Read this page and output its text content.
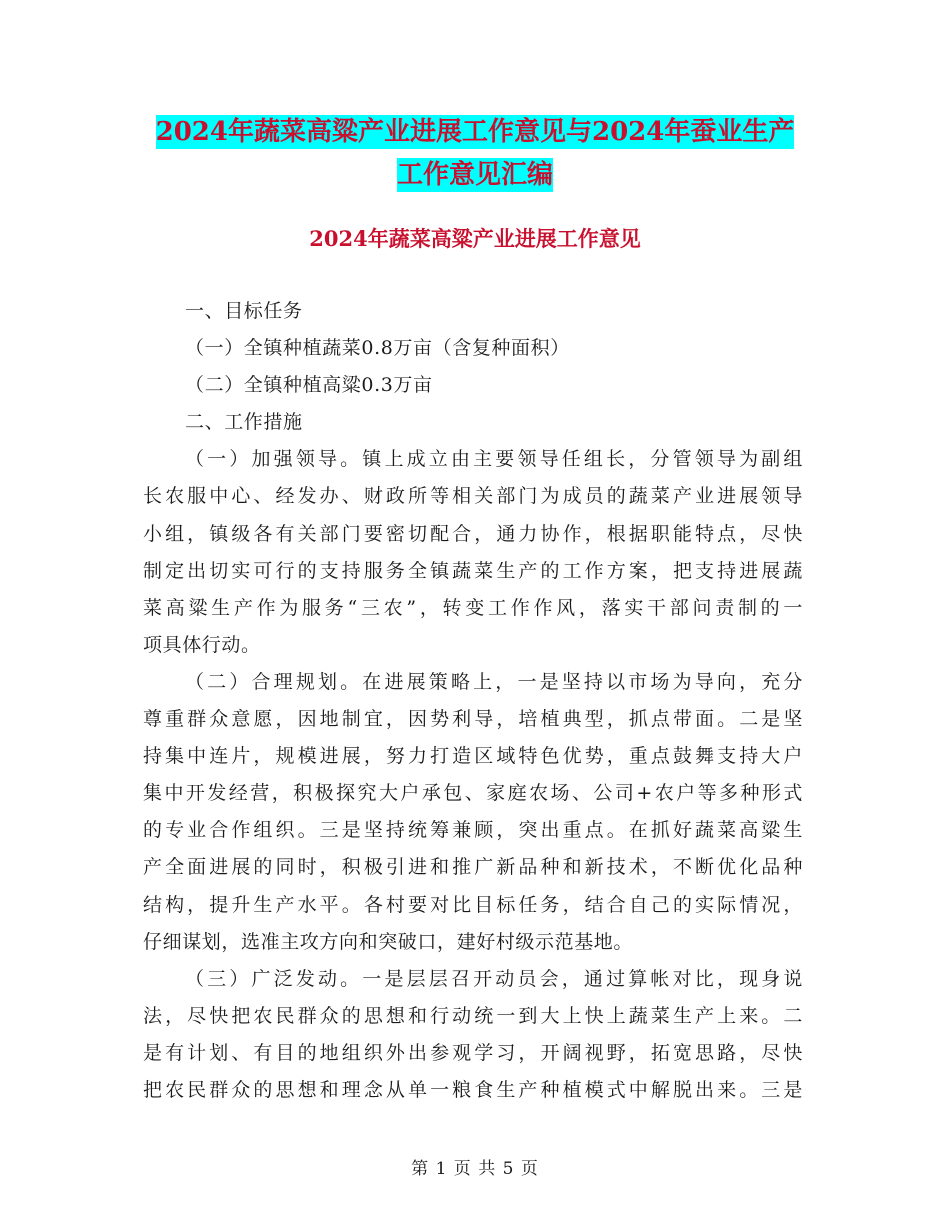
2024年蔬菜高粱产业进展工作意见与2024年蚕业生产
工作意见汇编
2024年蔬菜高粱产业进展工作意见
一、目标任务
（一）全镇种植蔬菜0.8万亩（含复种面积）
（二）全镇种植高粱0.3万亩
二、工作措施
（一）加强领导。镇上成立由主要领导任组长，分管领导为副组
长农服中心、经发办、财政所等相关部门为成员的蔬菜产业进展领导
小组，镇级各有关部门要密切配合，通力协作，根据职能特点，尽快
制定出切实可行的支持服务全镇蔬菜生产的工作方案，把支持进展蔬
菜高粱生产作为服务“三农”，转变工作作风，落实干部问责制的一
项具体行动。
（二）合理规划。在进展策略上，一是坚持以市场为导向，充分
尊重群众意愿，因地制宜，因势利导，培植典型，抓点带面。二是坚
持集中连片，规模进展，努力打造区域特色优势，重点鼓舞支持大户
集中开发经营，积极探究大户承包、家庭农场、公司+农户等多种形式
的专业合作组织。三是坚持统筹兼顾，突出重点。在抓好蔬菜高粱生
产全面进展的同时，积极引进和推广新品种和新技术，不断优化品种
结构，提升生产水平。各村要对比目标任务，结合自己的实际情况，
仔细谋划，选准主攻方向和突破口，建好村级示范基地。
（三）广泛发动。一是层层召开动员会，通过算帐对比，现身说
法，尽快把农民群众的思想和行动统一到大上快上蔬菜生产上来。二
是有计划、有目的地组织外出参观学习，开阔视野，拓宽思路，尽快
把农民群众的思想和理念从单一粮食生产种植模式中解脱出来。三是
第 1 页 共 5 页
